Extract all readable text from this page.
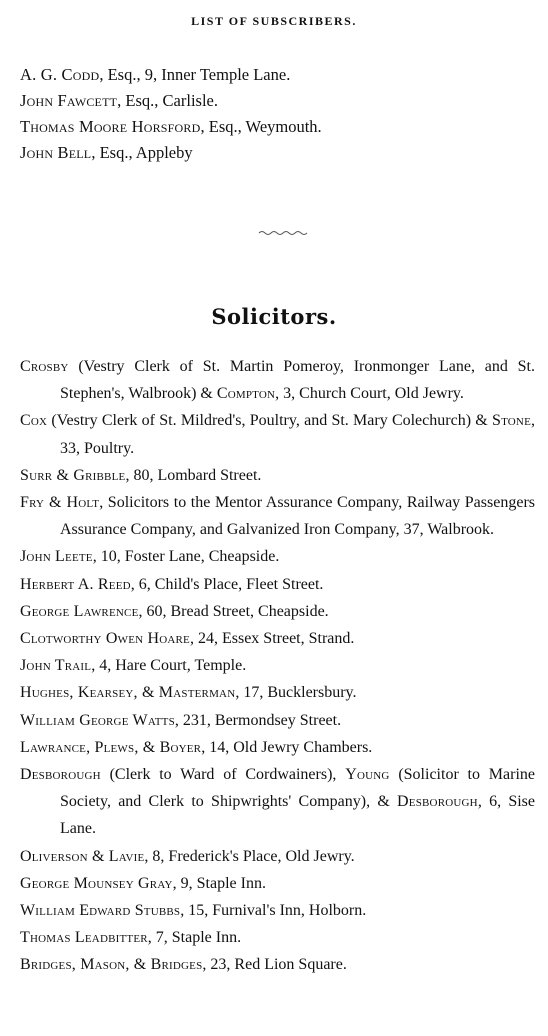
LIST OF SUBSCRIBERS.
A. G. Codd, Esq., 9, Inner Temple Lane.
John Fawcett, Esq., Carlisle.
Thomas Moore Horsford, Esq., Weymouth.
John Bell, Esq., Appleby
Solicitors.
Crosby (Vestry Clerk of St. Martin Pomeroy, Ironmonger Lane, and St. Stephen's, Walbrook) & Compton, 3, Church Court, Old Jewry.
Cox (Vestry Clerk of St. Mildred's, Poultry, and St. Mary Colechurch) & Stone, 33, Poultry.
Surr & Gribble, 80, Lombard Street.
Fry & Holt, Solicitors to the Mentor Assurance Company, Railway Passengers Assurance Company, and Galvanized Iron Company, 37, Walbrook.
John Leete, 10, Foster Lane, Cheapside.
Herbert A. Reed, 6, Child's Place, Fleet Street.
George Lawrence, 60, Bread Street, Cheapside.
Clotworthy Owen Hoare, 24, Essex Street, Strand.
John Trail, 4, Hare Court, Temple.
Hughes, Kearsey, & Masterman, 17, Bucklersbury.
William George Watts, 231, Bermondsey Street.
Lawrance, Plews, & Boyer, 14, Old Jewry Chambers.
Desborough (Clerk to Ward of Cordwainers), Young (Solicitor to Marine Society, and Clerk to Shipwrights' Company), & Desborough, 6, Sise Lane.
Oliverson & Lavie, 8, Frederick's Place, Old Jewry.
George Mounsey Gray, 9, Staple Inn.
William Edward Stubbs, 15, Furnival's Inn, Holborn.
Thomas Leadbitter, 7, Staple Inn.
Bridges, Mason, & Bridges, 23, Red Lion Square.
